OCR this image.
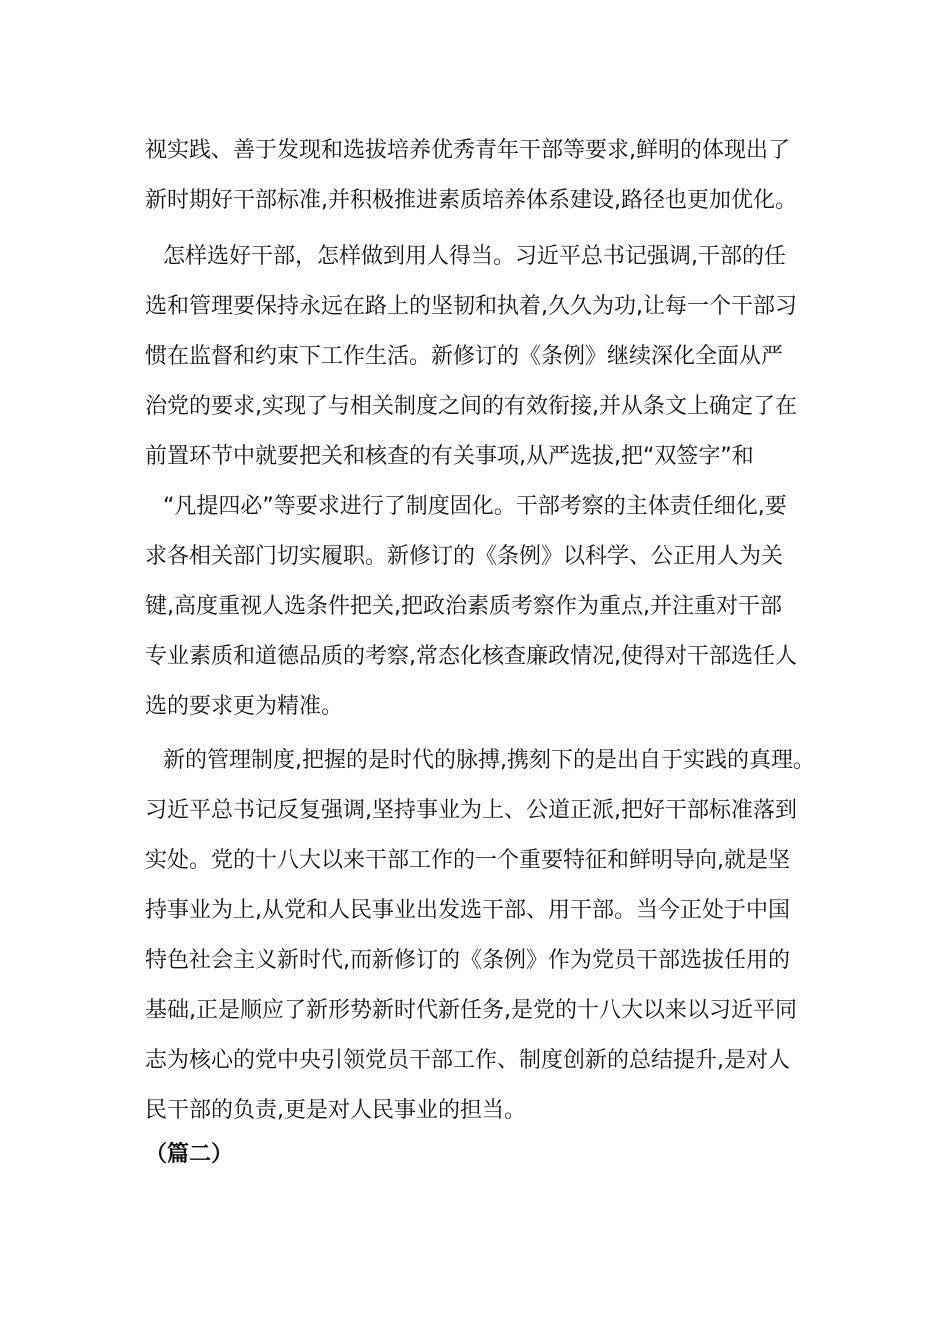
视实践、善于发现和选拔培养优秀青年干部等要求,鲜明的体现出了
新时期好干部标准,并积极推进素质培养体系建设,路径也更加优化。
怎样选好干部，怎样做到用人得当。习近平总书记强调,干部的任
选和管理要保持永远在路上的坚韧和执着,久久为功,让每一个干部习
惯在监督和约束下工作生活。新修订的《条例》继续深化全面从严
治党的要求,实现了与相关制度之间的有效衔接,并从条文上确定了在
前置环节中就要把关和核查的有关事项,从严选拔,把“双签字”和
“凡提四必”等要求进行了制度固化。干部考察的主体责任细化,要
求各相关部门切实履职。新修订的《条例》以科学、公正用人为关
键,高度重视人选条件把关,把政治素质考察作为重点,并注重对干部
专业素质和道德品质的考察,常态化核查廉政情况,使得对干部选任人
选的要求更为精准。
新的管理制度,把握的是时代的脉搏,携刻下的是出自于实践的真理。
习近平总书记反复强调,坚持事业为上、公道正派,把好干部标准落到
实处。党的十八大以来干部工作的一个重要特征和鲜明导向,就是坚
持事业为上,从党和人民事业出发选干部、用干部。当今正处于中国
特色社会主义新时代,而新修订的《条例》作为党员干部选拔任用的
基础,正是顺应了新形势新时代新任务,是党的十八大以来以习近平同
志为核心的党中央引领党员干部工作、制度创新的总结提升,是对人
民干部的负责,更是对人民事业的担当。
（篇二）
